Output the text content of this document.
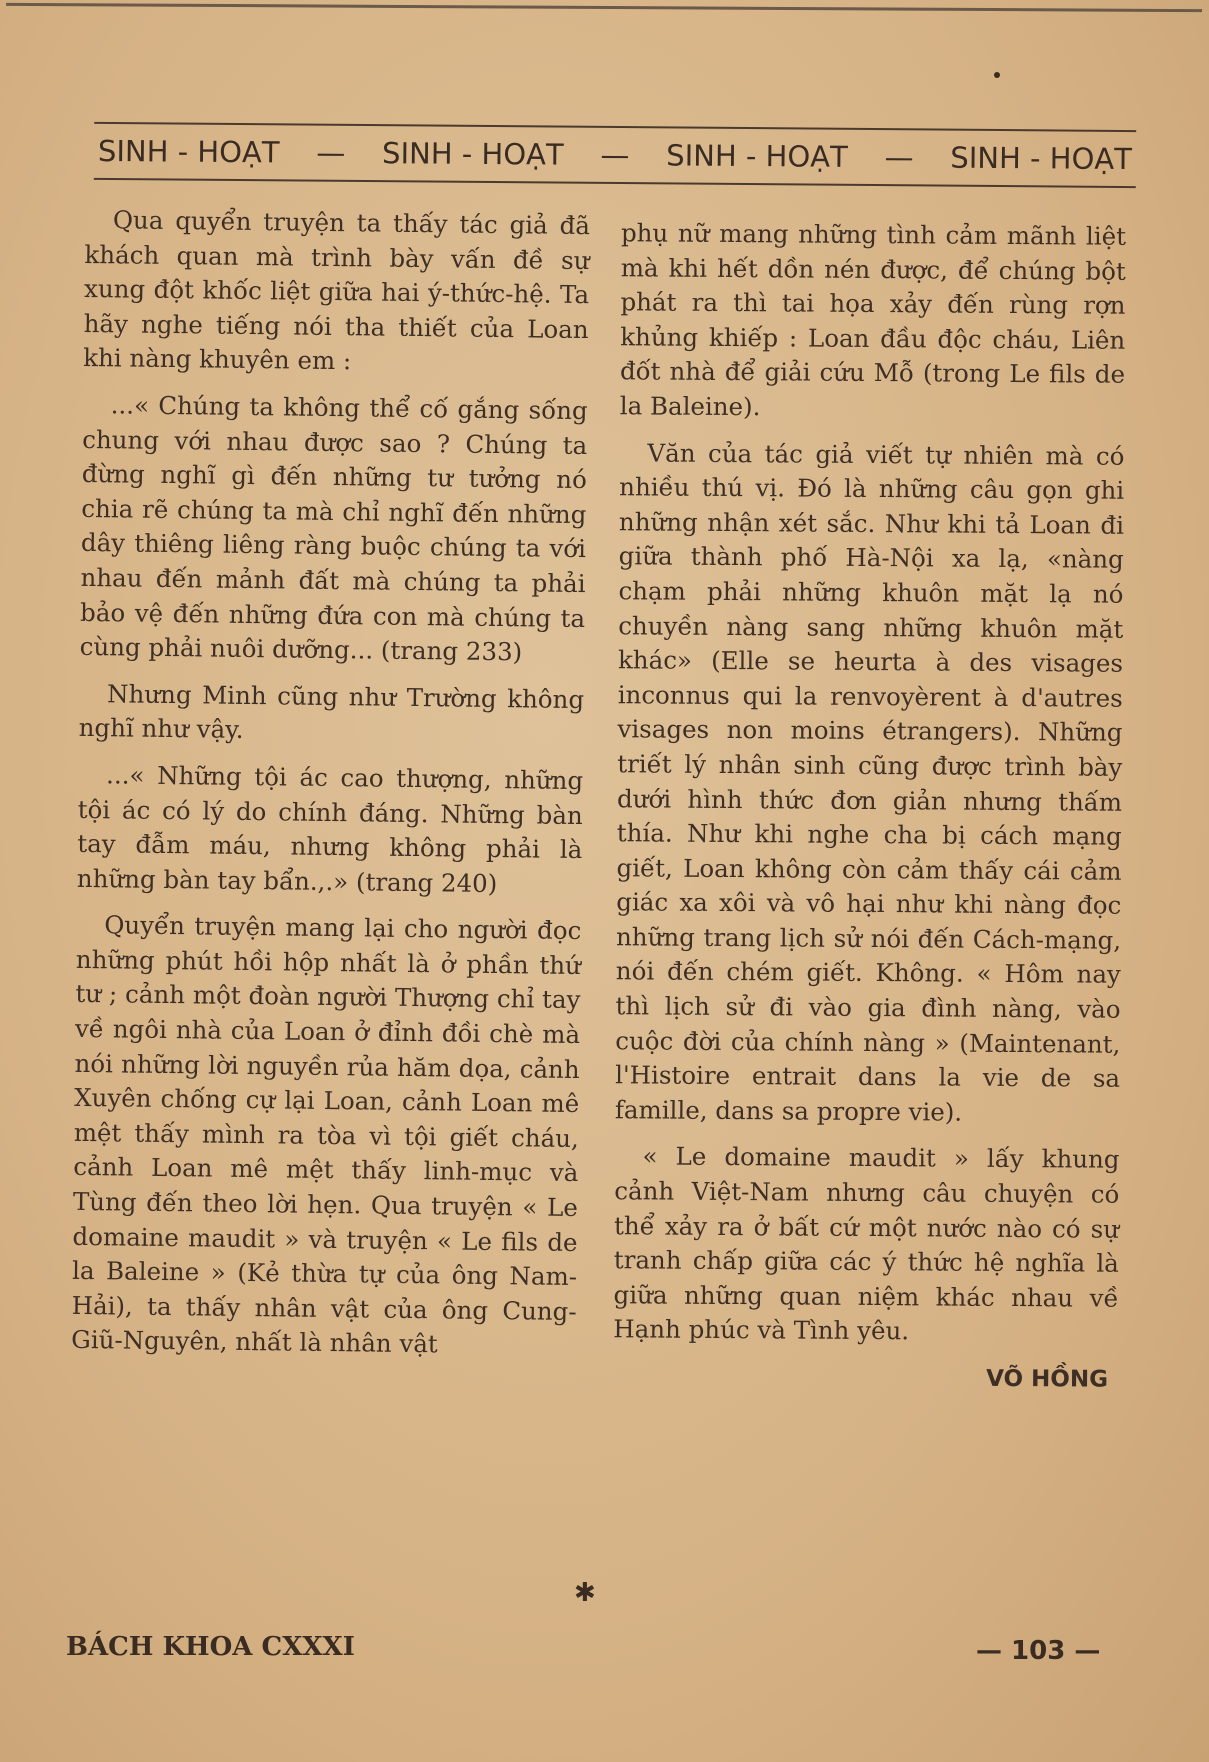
SINH - HOẠT — SINH - HOẠT — SINH - HOẠT — SINH - HOẠT

Qua quyển truyện ta thấy tác giả đã khách quan mà trình bày vấn đề sự xung đột khốc liệt giữa hai ý-thức-hệ. Ta hãy nghe tiếng nói tha thiết của Loan khi nàng khuyên em :

...« Chúng ta không thể cố gắng sống chung với nhau được sao ? Chúng ta đừng nghĩ gì đến những tư tưởng nó chia rẽ chúng ta mà chỉ nghĩ đến những dây thiêng liêng ràng buộc chúng ta với nhau đến mảnh đất mà chúng ta phải bảo vệ đến những đứa con mà chúng ta cùng phải nuôi dưỡng... (trang 233)

Nhưng Minh cũng như Trường không nghĩ như vậy.

...« Những tội ác cao thượng, những tội ác có lý do chính đáng. Những bàn tay đẫm máu, nhưng không phải là những bàn tay bẩn.,.» (trang 240)

Quyển truyện mang lại cho người đọc những phút hồi hộp nhất là ở phần thứ tư ; cảnh một đoàn người Thượng chỉ tay về ngôi nhà của Loan ở đỉnh đồi chè mà nói những lời nguyền rủa hăm dọa, cảnh Xuyên chống cự lại Loan, cảnh Loan mê mệt thấy mình ra tòa vì tội giết cháu, cảnh Loan mê mệt thấy linh-mục và Tùng đến theo lời hẹn. Qua truyện « Le domaine maudit » và truyện « Le fils de la Baleine » (Kẻ thừa tự của ông Nam-Hải), ta thấy nhân vật của ông Cung-Giũ-Nguyên, nhất là nhân vật

phụ nữ mang những tình cảm mãnh liệt mà khi hết dồn nén được, để chúng bột phát ra thì tai họa xảy đến rùng rợn khủng khiếp : Loan đầu độc cháu, Liên đốt nhà để giải cứu Mỗ (trong Le fils de la Baleine).

Văn của tác giả viết tự nhiên mà có nhiều thú vị. Đó là những câu gọn ghi những nhận xét sắc. Như khi tả Loan đi giữa thành phố Hà-Nội xa lạ, «nàng chạm phải những khuôn mặt lạ nó chuyền nàng sang những khuôn mặt khác» (Elle se heurta à des visages inconnus qui la renvoyèrent à d'autres visages non moins étrangers). Những triết lý nhân sinh cũng được trình bày dưới hình thức đơn giản nhưng thấm thía. Như khi nghe cha bị cách mạng giết, Loan không còn cảm thấy cái cảm giác xa xôi và vô hại như khi nàng đọc những trang lịch sử nói đến Cách-mạng, nói đến chém giết. Không. « Hôm nay thì lịch sử đi vào gia đình nàng, vào cuộc đời của chính nàng » (Maintenant, l'Histoire entrait dans la vie de sa famille, dans sa propre vie).

« Le domaine maudit » lấy khung cảnh Việt-Nam nhưng câu chuyện có thể xảy ra ở bất cứ một nước nào có sự tranh chấp giữa các ý thức hệ nghĩa là giữa những quan niệm khác nhau về Hạnh phúc và Tình yêu.

VÕ HỒNG
✱
BÁCH KHOA CXXXI	— 103 —
